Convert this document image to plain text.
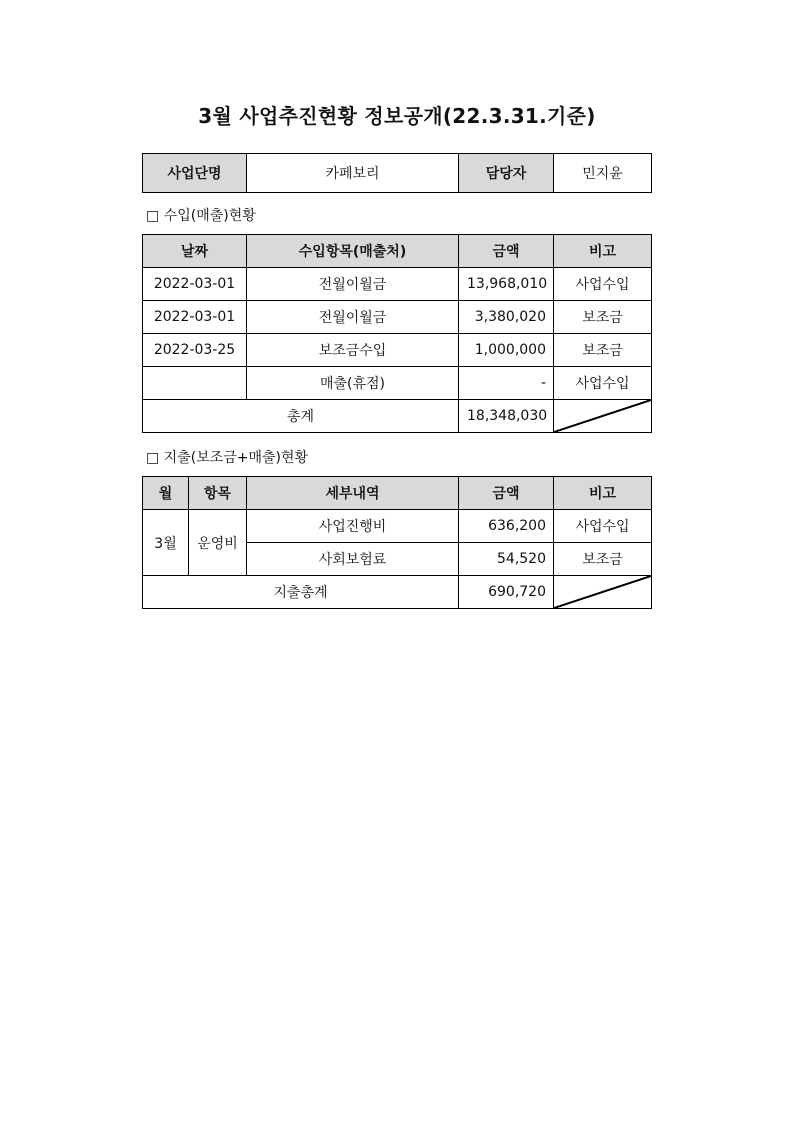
3월 사업추진현황 정보공개(22.3.31.기준)
사업단명	카페보리	담당자	민지윤
□ 수입(매출)현황
날짜	수입항목(매출처)	금액	비고
2022-03-01	전월이월금	13,968,010	사업수입
2022-03-01	전월이월금	3,380,020	보조금
2022-03-25	보조금수입	1,000,000	보조금
	매출(휴점)	-	사업수입
총계		18,348,030	
□ 지출(보조금+매출)현황
월	항목	세부내역	금액	비고
3월	운영비	사업진행비	636,200	사업수입
		사회보험료	54,520	보조금
지출총계			690,720	
